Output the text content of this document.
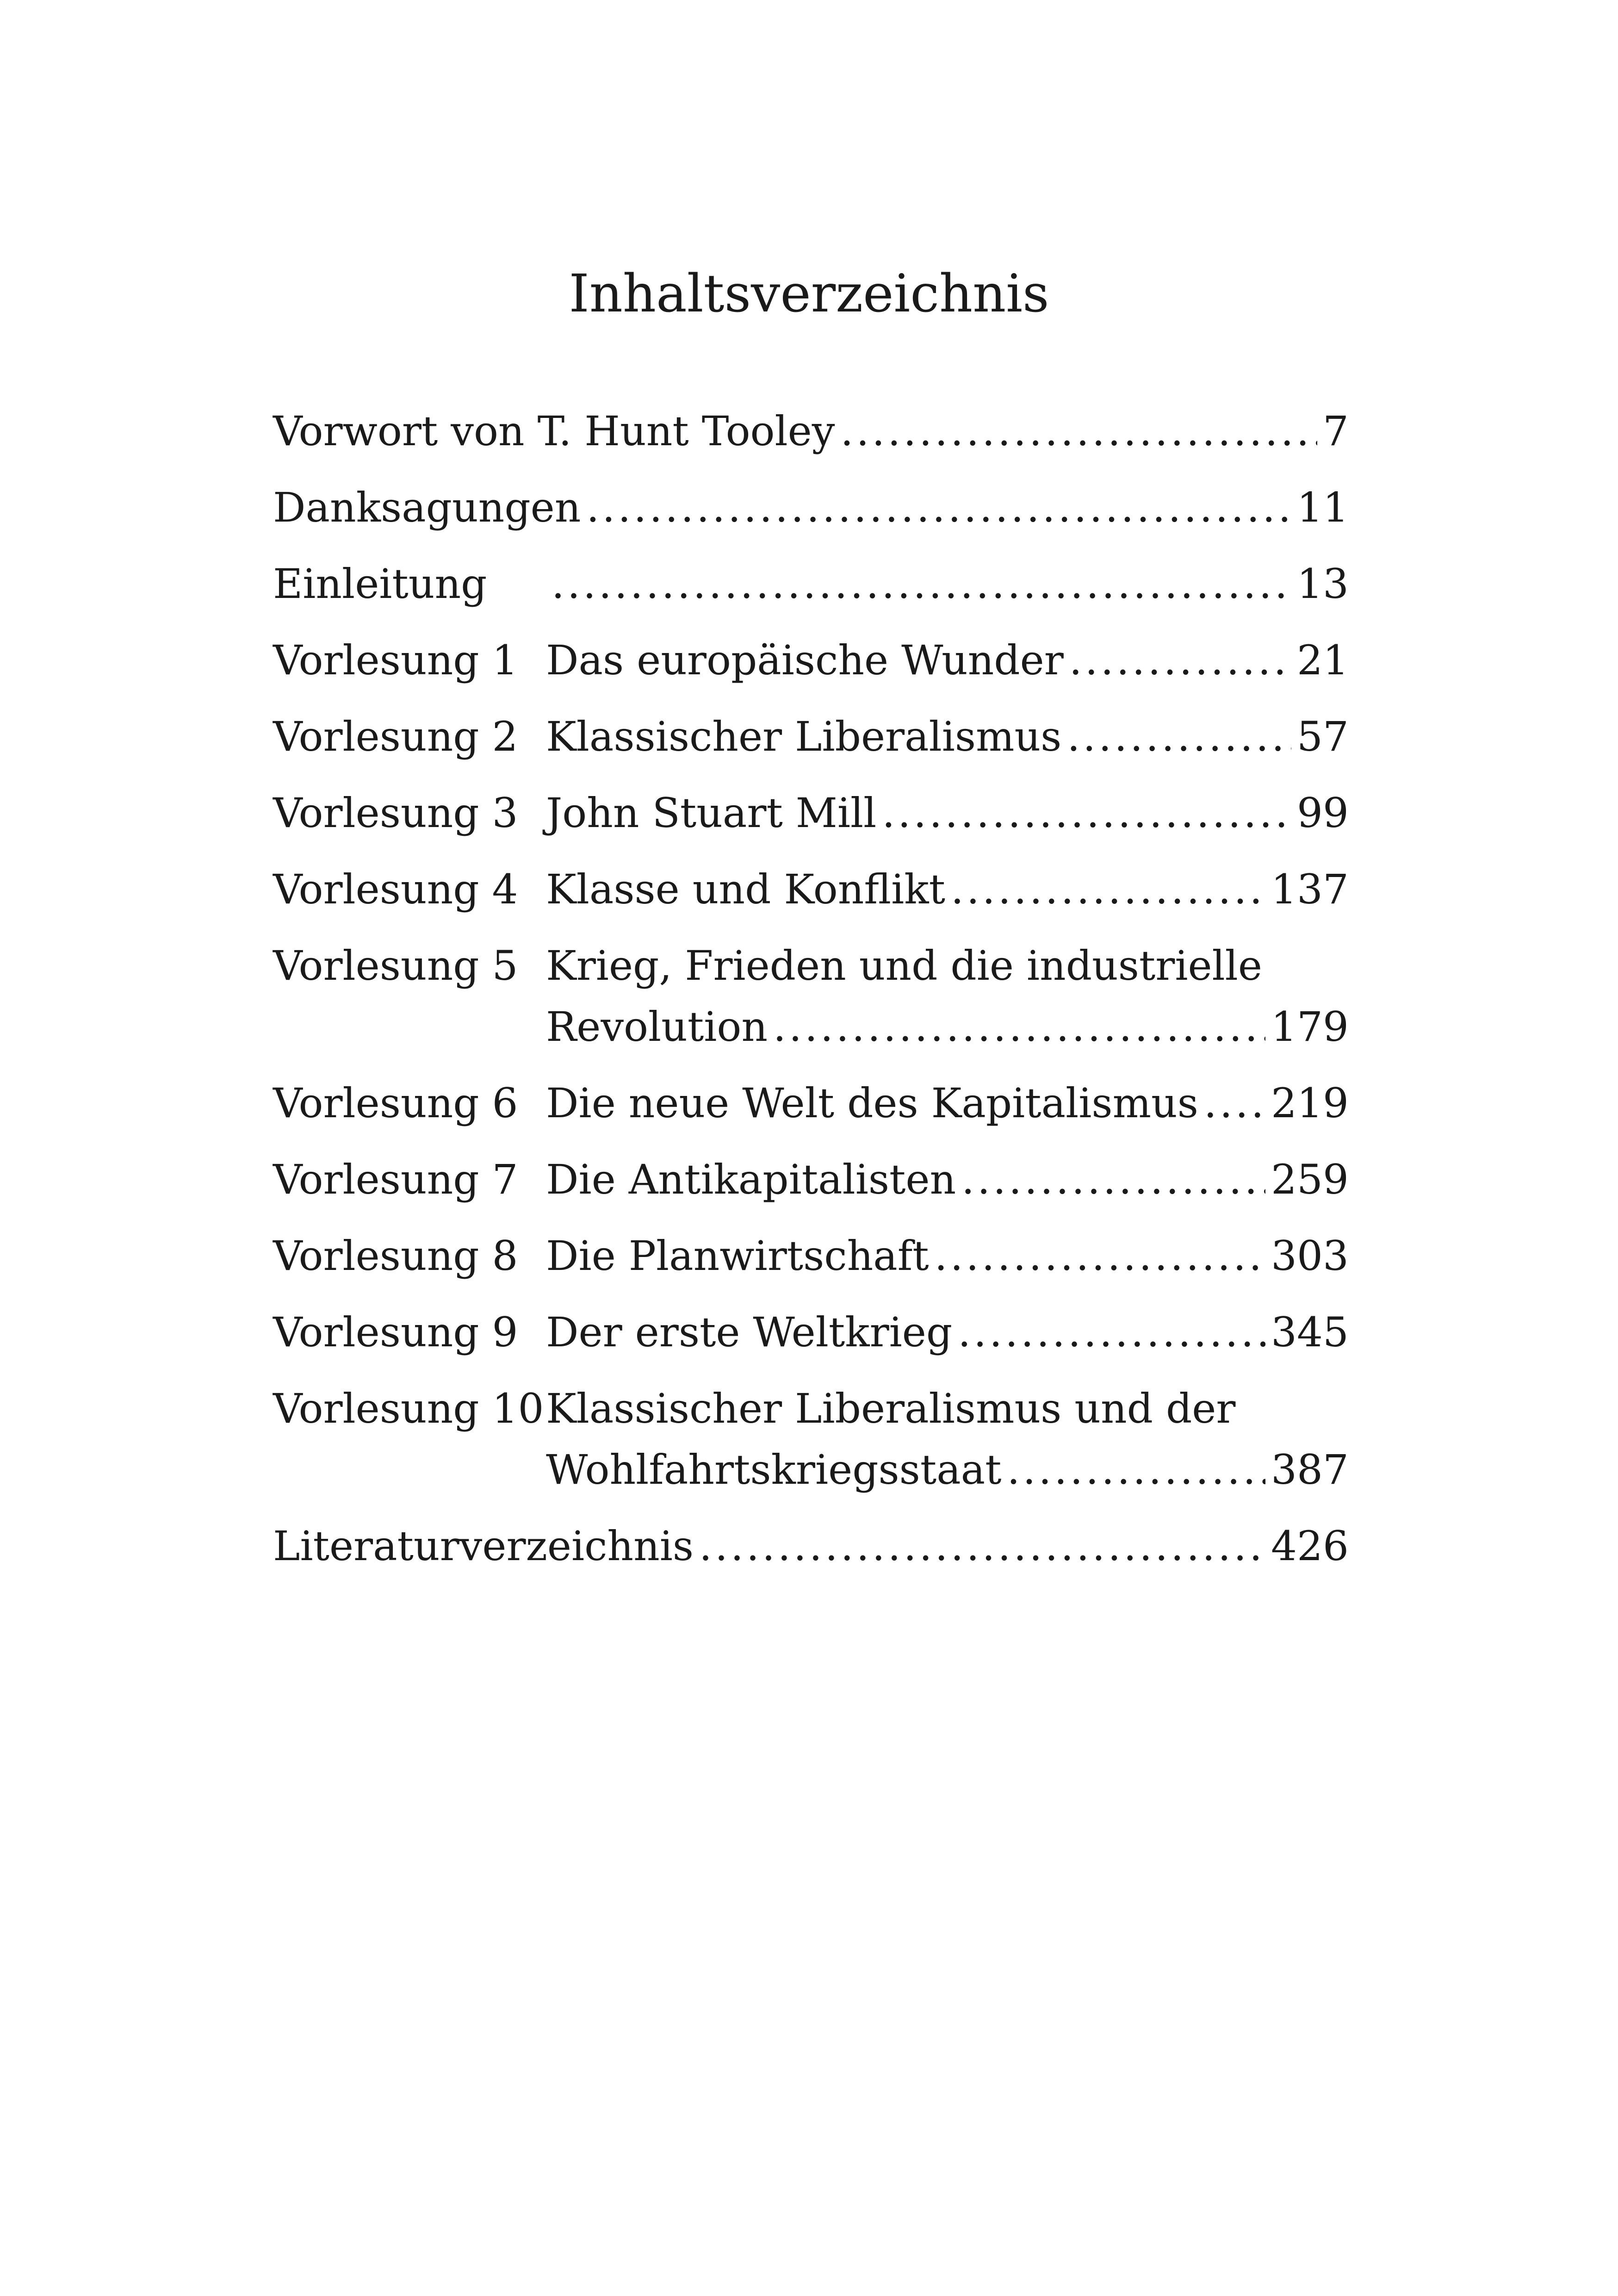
Inhaltsverzeichnis
Vorwort von T. Hunt Tooley .....	7
Danksagungen .....	11
Einleitung .....	13
Vorlesung 1 Das europäische Wunder .....	21
Vorlesung 2 Klassischer Liberalismus .....	57
Vorlesung 3 John Stuart Mill .....	99
Vorlesung 4 Klasse und Konflikt .....	137
Vorlesung 5 Krieg, Frieden und die industrielle
Revolution .....	179
Vorlesung 6 Die neue Welt des Kapitalismus ..... 219
Vorlesung 7 Die Antikapitalisten .....	259
Vorlesung 8 Die Planwirtschaft .....	303
Vorlesung 9 Der erste Weltkrieg .....	345
Vorlesung 10 Klassischer Liberalismus und der
Wohlfahrtskriegsstaat .....	387
Literaturverzeichnis .....	426
